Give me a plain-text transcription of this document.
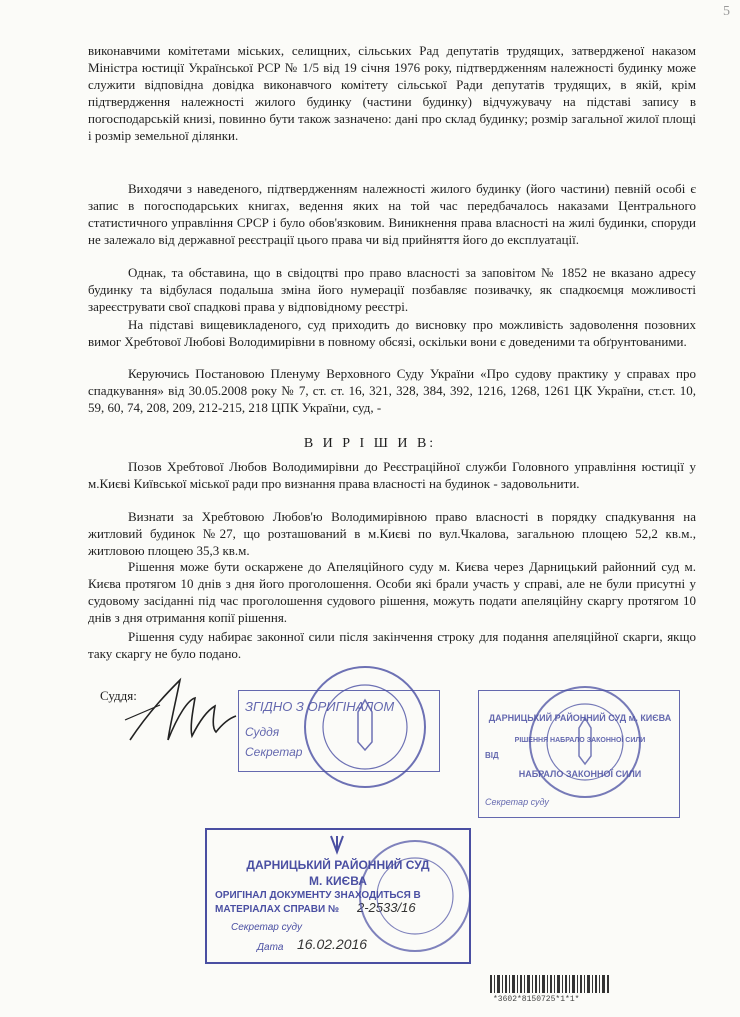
5
виконавчими комітетами міських, селищних, сільських Рад депутатів трудящих, затвердженої наказом Міністра юстиції Української РСР № 1/5 від 19 січня 1976 року, підтвердженням належності будинку може служити відповідна довідка виконавчого комітету сільської Ради депутатів трудящих, в якій, крім підтвердження належності жилого будинку (частини будинку) відчужувачу на підставі запису в погосподарській книзі, повинно бути також зазначено: дані про склад будинку; розмір загальної жилої площі і розмір земельної ділянки.
Виходячи з наведеного, підтвердженням належності жилого будинку (його частини) певній особі є запис в погосподарських книгах, ведення яких на той час передбачалось наказами Центрального статистичного управління СРСР і було обов'язковим. Виникнення права власності на жилі будинки, споруди не залежало від державної реєстрації цього права чи від прийняття його до експлуатації.
Однак, та обставина, що в свідоцтві про право власності за заповітом № 1852 не вказано адресу будинку та відбулася подальша зміна його нумерації позбавляє позивачку, як спадкоємця можливості зареєструвати свої спадкові права у відповідному реєстрі.
На підставі вищевикладеного, суд приходить до висновку про можливість задоволення позовних вимог Хребтової Любові Володимирівни в повному обсязі, оскільки вони є доведеними та обґрунтованими.
Керуючись Постановою Пленуму Верховного Суду України «Про судову практику у справах про спадкування» від 30.05.2008 року № 7, ст. ст. 16, 321, 328, 384, 392, 1216, 1268, 1261 ЦК України, ст.ст. 10, 59, 60, 74, 208, 209, 212-215, 218 ЦПК України, суд, -
В И Р І Ш И В:
Позов Хребтової Любов Володимирівни до Реєстраційної служби Головного управління юстиції у м.Києві Київської міської ради про визнання права власності на будинок - задовольнити.
Визнати за Хребтовою Любов'ю Володимирівною право власності в порядку спадкування на житловий будинок №27, що розташований в м.Києві по вул.Чкалова, загальною площею 52,2 кв.м., житловою площею 35,3 кв.м.
Рішення може бути оскаржене до Апеляційного суду м. Києва через Дарницький районний суд м. Києва протягом 10 днів з дня його проголошення. Особи які брали участь у справі, але не були присутні у судовому засіданні під час проголошення судового рішення, можуть подати апеляційну скаргу протягом 10 днів з дня отримання копії рішення.
Рішення суду набирає законної сили після закінчення строку для подання апеляційної скарги, якщо таку скаргу не було подано.
Суддя:
ЗГІДНО З ОРИГІНАЛОМ
Суддя
Секретар
ДАРНИЦЬКИЙ РАЙОННИЙ СУД м. КИЄВА
РІШЕННЯ НАБРАЛО ЗАКОННОЇ СИЛИ
ВІД
НАБРАЛО ЗАКОННОЇ СИЛИ
Секретар суду
ДАРНИЦЬКИЙ РАЙОННИЙ СУД
М. КИЄВА
ОРИГІНАЛ ДОКУМЕНТУ ЗНАХОДИТЬСЯ В
МАТЕРІАЛАХ СПРАВИ № 2-2533/16
Секретар суду
Дата 16.02.2016
*3602*8150725*1*1*
